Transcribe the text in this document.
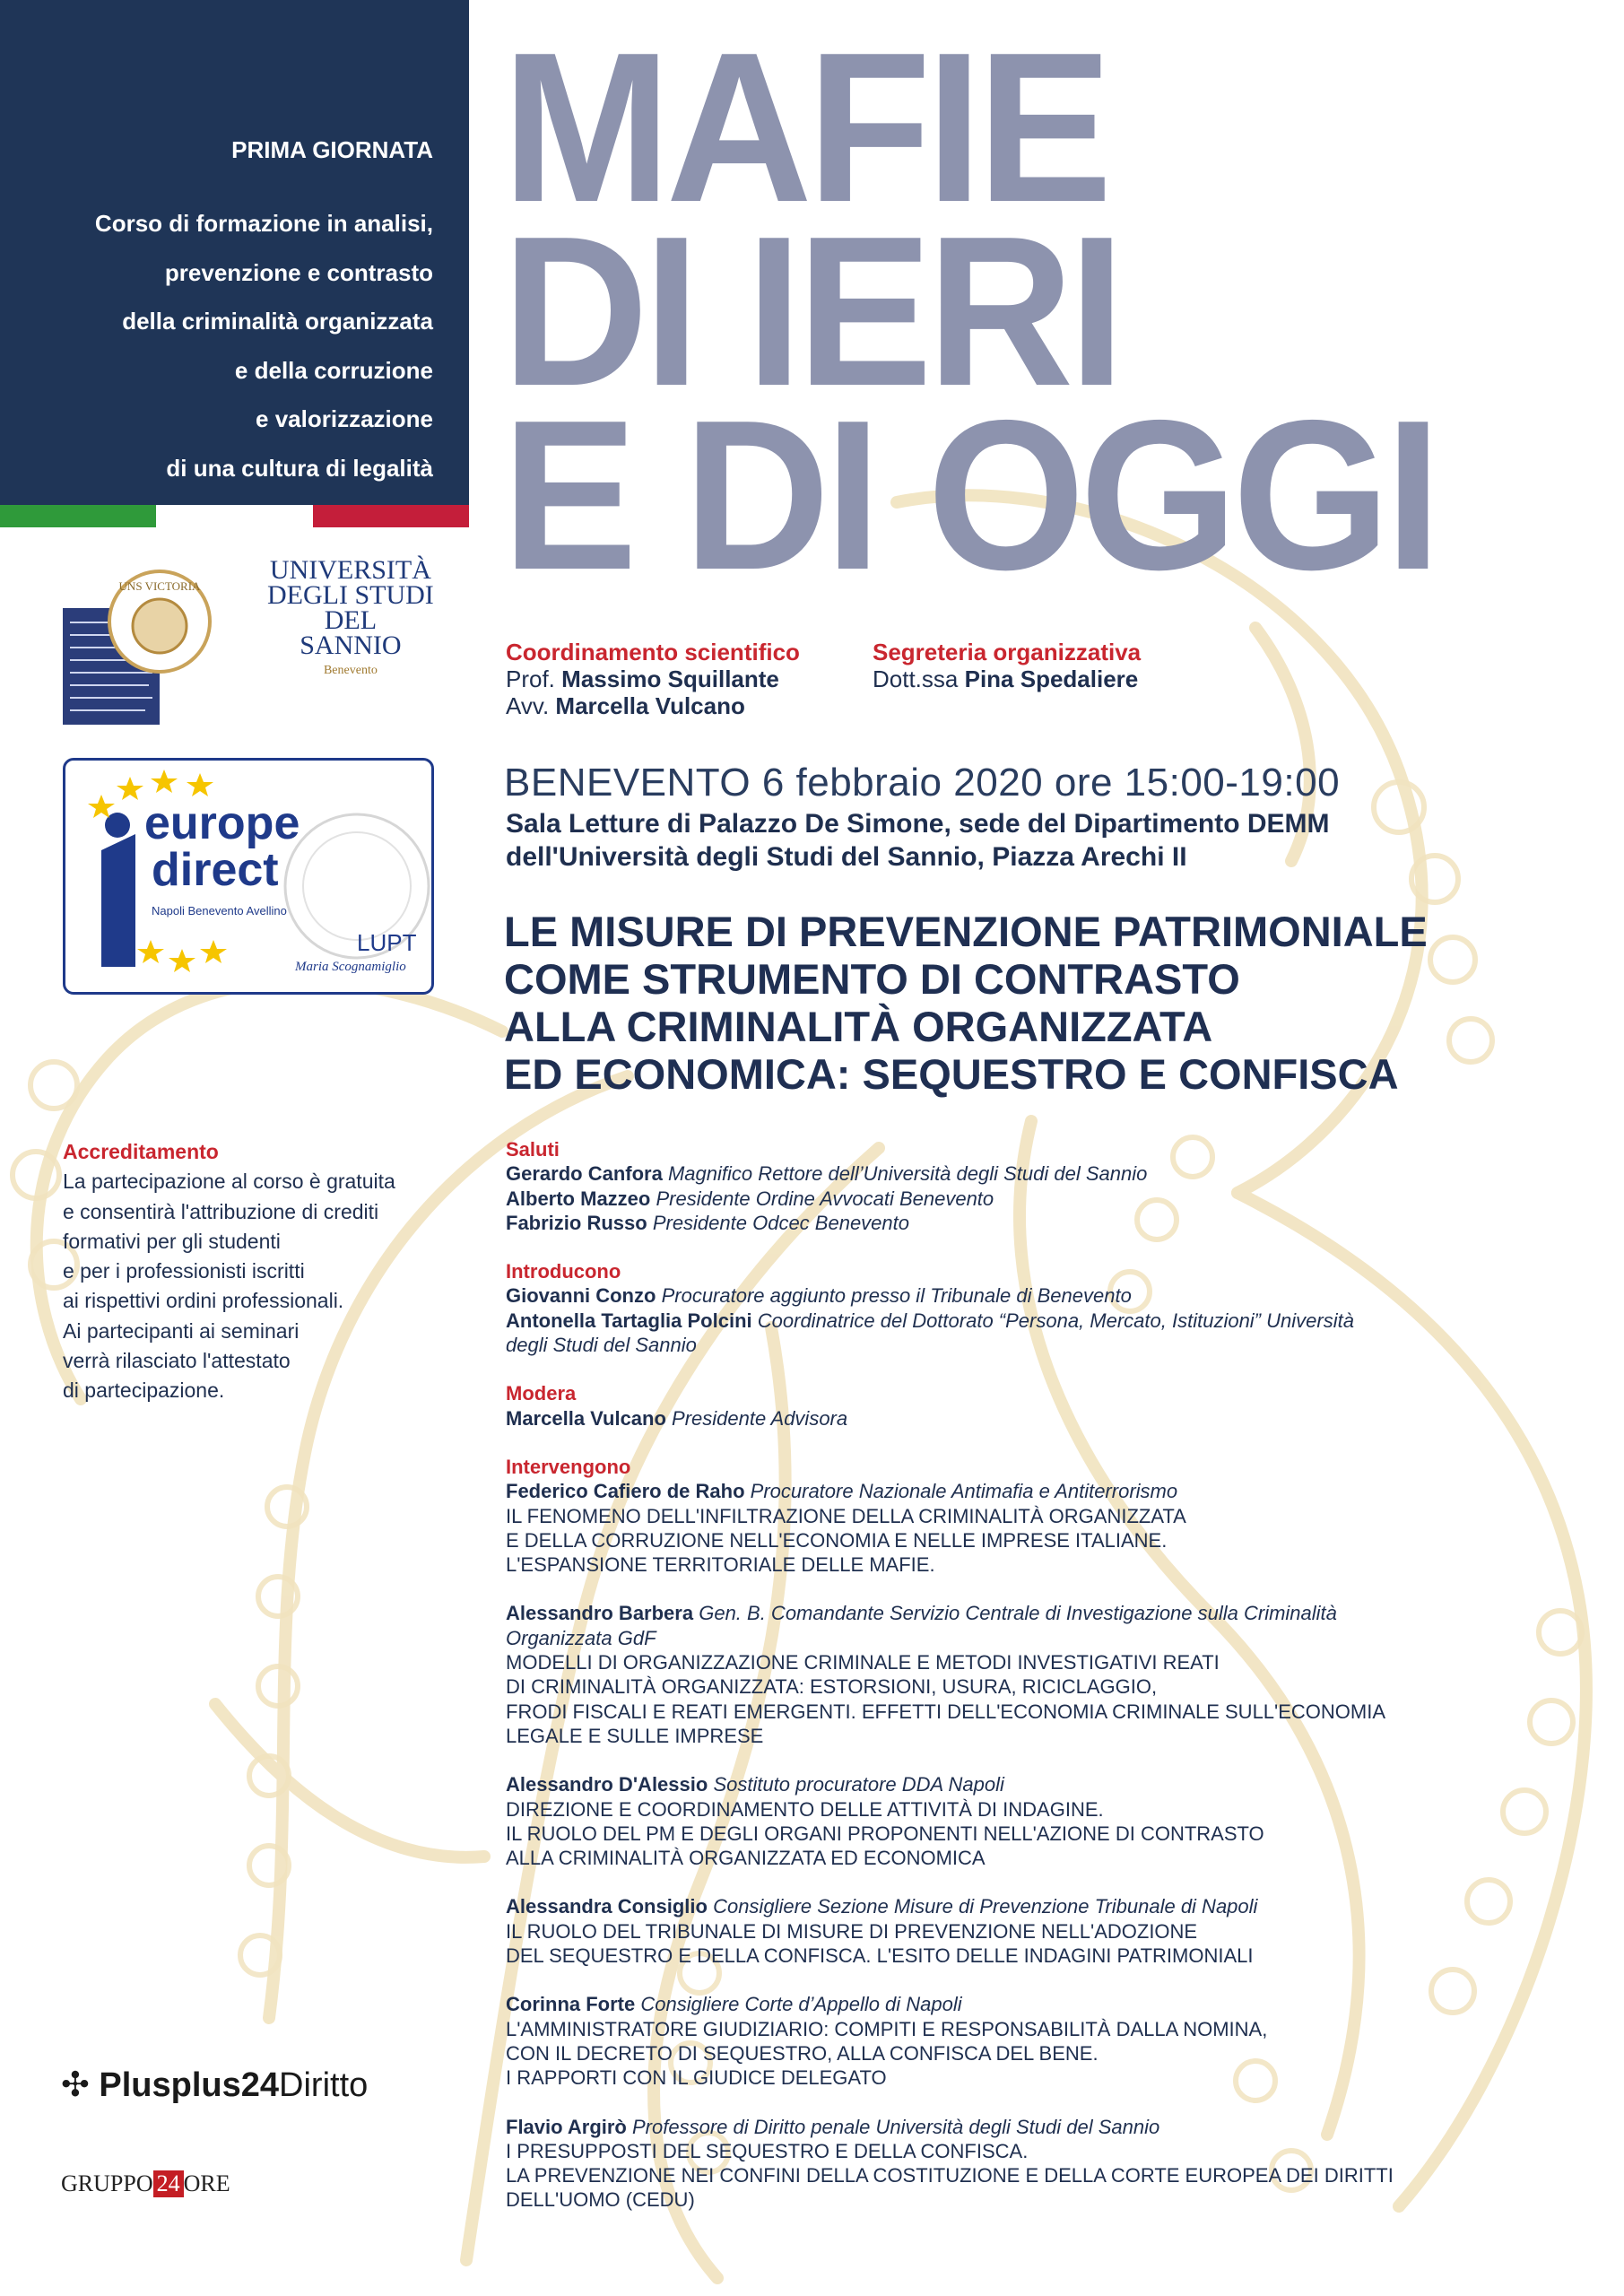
PRIMA GIORNATA
Corso di formazione in analisi,
prevenzione e contrasto
della criminalità organizzata
e della corruzione
e valorizzazione
di una cultura di legalità
MAFIE
DI IERI
E DI OGGI
UNS VICTORIA
UNIVERSITÀ
DEGLI STUDI
DEL
SANNIO
Benevento
europe
direct
Napoli Benevento Avellino
LUPT
Maria Scognamiglio
Coordinamento scientifico
Prof. Massimo Squillante
Avv. Marcella Vulcano
Segreteria organizzativa
Dott.ssa Pina Spedaliere
BENEVENTO 6 febbraio 2020 ore 15:00-19:00
Sala Letture di Palazzo De Simone, sede del Dipartimento DEMM
dell'Università degli Studi del Sannio, Piazza Arechi II
LE MISURE DI PREVENZIONE PATRIMONIALE
COME STRUMENTO DI CONTRASTO
ALLA CRIMINALITÀ ORGANIZZATA
ED ECONOMICA: SEQUESTRO E CONFISCA
Accreditamento
La partecipazione al corso è gratuita
e consentirà l'attribuzione di crediti
formativi per gli studenti
e per i professionisti iscritti
ai rispettivi ordini professionali.
Ai partecipanti ai seminari
verrà rilasciato l'attestato
di partecipazione.

Saluti

Gerardo Canfora Magnifico Rettore dell’Università degli Studi del Sannio

Alberto Mazzeo Presidente Ordine Avvocati Benevento

Fabrizio Russo Presidente Odcec Benevento

Introducono

Giovanni Conzo Procuratore aggiunto presso il Tribunale di Benevento

Antonella Tartaglia Polcini Coordinatrice del Dottorato “Persona, Mercato, Istituzioni” Università

degli Studi del Sannio

Modera

Marcella Vulcano Presidente Advisora

Intervengono

Federico Cafiero de Raho Procuratore Nazionale Antimafia e Antiterrorismo

IL FENOMENO DELL'INFILTRAZIONE DELLA CRIMINALITÀ ORGANIZZATA

E DELLA CORRUZIONE NELL'ECONOMIA E NELLE IMPRESE ITALIANE.

L'ESPANSIONE TERRITORIALE DELLE MAFIE.

Alessandro Barbera Gen. B. Comandante Servizio Centrale di Investigazione sulla Criminalità

Organizzata GdF

MODELLI DI ORGANIZZAZIONE CRIMINALE E METODI INVESTIGATIVI REATI

DI CRIMINALITÀ ORGANIZZATA: ESTORSIONI, USURA, RICICLAGGIO,

FRODI FISCALI E REATI EMERGENTI. EFFETTI DELL'ECONOMIA CRIMINALE SULL'ECONOMIA

LEGALE E SULLE IMPRESE

Alessandro D'Alessio Sostituto procuratore DDA Napoli

DIREZIONE E COORDINAMENTO DELLE ATTIVITÀ DI INDAGINE.

IL RUOLO DEL PM E DEGLI ORGANI PROPONENTI NELL'AZIONE DI CONTRASTO

ALLA CRIMINALITÀ ORGANIZZATA ED ECONOMICA

Alessandra Consiglio Consigliere Sezione Misure di Prevenzione Tribunale di Napoli

IL RUOLO DEL TRIBUNALE DI MISURE DI PREVENZIONE NELL'ADOZIONE

DEL SEQUESTRO E DELLA CONFISCA. L'ESITO DELLE INDAGINI PATRIMONIALI

Corinna Forte Consigliere Corte d’Appello di Napoli

L'AMMINISTRATORE GIUDIZIARIO: COMPITI E RESPONSABILITÀ DALLA NOMINA,

CON IL DECRETO DI SEQUESTRO, ALLA CONFISCA DEL BENE.

I RAPPORTI CON IL GIUDICE DELEGATO

Flavio Argirò Professore di Diritto penale Università degli Studi del Sannio

I PRESUPPOSTI DEL SEQUESTRO E DELLA CONFISCA.

LA PREVENZIONE NEI CONFINI DELLA COSTITUZIONE E DELLA CORTE EUROPEA DEI DIRITTI

DELL'UOMO (CEDU)

✣ Plusplus24Diritto
GRUPPO 24 ORE
